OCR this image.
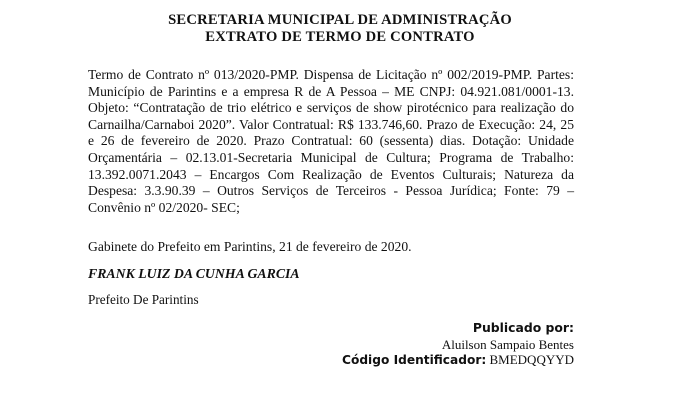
SECRETARIA MUNICIPAL DE ADMINISTRAÇÃO
EXTRATO DE TERMO DE CONTRATO
Termo de Contrato nº 013/2020-PMP. Dispensa de Licitação nº 002/2019-PMP. Partes: Município de Parintins e a empresa R de A Pessoa – ME CNPJ: 04.921.081/0001-13. Objeto: “Contratação de trio elétrico e serviços de show pirotécnico para realização do Carnailha/Carnaboi 2020”. Valor Contratual: R$ 133.746,60. Prazo de Execução: 24, 25 e 26 de fevereiro de 2020. Prazo Contratual: 60 (sessenta) dias. Dotação: Unidade Orçamentária – 02.13.01-Secretaria Municipal de Cultura; Programa de Trabalho: 13.392.0071.2043 – Encargos Com Realização de Eventos Culturais; Natureza da Despesa: 3.3.90.39 – Outros Serviços de Terceiros - Pessoa Jurídica; Fonte: 79 – Convênio nº 02/2020- SEC;
Gabinete do Prefeito em Parintins, 21 de fevereiro de 2020.
FRANK LUIZ DA CUNHA GARCIA
Prefeito De Parintins
Publicado por:
Aluilson Sampaio Bentes
Código Identificador: BMEDQQYYD
